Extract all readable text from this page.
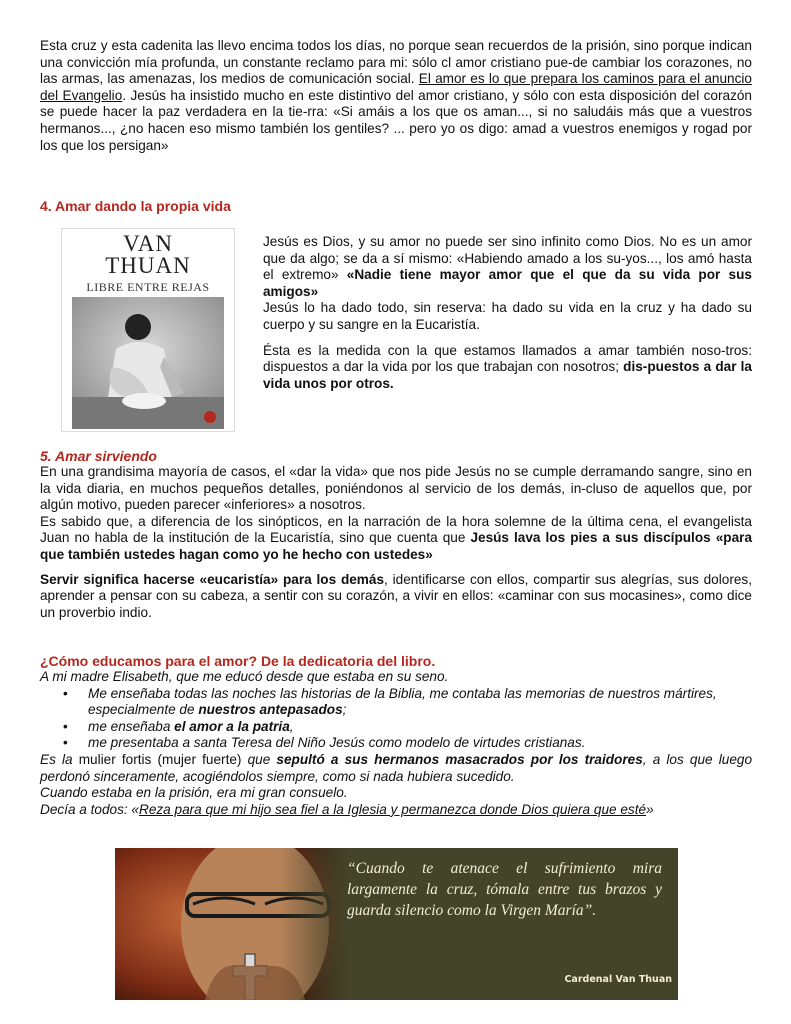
Esta cruz y esta cadenita las llevo encima todos los días, no porque sean recuerdos de la prisión, sino porque indican una convicción mía profunda, un constante reclamo para mi: sólo cl amor cristiano pue-de cambiar los corazones, no las armas, las amenazas, los medios de comunicación social. El amor es lo que prepara los caminos para el anuncio del Evangelio. Jesús ha insistido mucho en este distintivo del amor cristiano, y sólo con esta disposición del corazón se puede hacer la paz verdadera en la tie-rra: «Si amáis a los que os aman..., si no saludáis más que a vuestros hermanos..., ¿no hacen eso mismo también los gentiles? ... pero yo os digo: amad a vuestros enemigos y rogad por los que los persigan»

4. Amar dando la propia vida
VAN
THUAN
LIBRE ENTRE REJAS

Jesús es Dios, y su amor no puede ser sino infinito como Dios. No es un amor que da algo; se da a sí mismo: «Habiendo amado a los su-yos..., los amó hasta el extremo» «Nadie tiene mayor amor que el que da su vida por sus amigos»

Jesús lo ha dado todo, sin reserva: ha dado su vida en la cruz y ha dado su cuerpo y su sangre en la Eucaristía.

Ésta es la medida con la que estamos llamados a amar también noso-tros: dispuestos a dar la vida por los que trabajan con nosotros; dis-puestos a dar la vida unos por otros.

5. Amar sirviendo

En una grandisima mayoría de casos, el «dar la vida» que nos pide Jesús no se cumple derramando sangre, sino en la vida diaria, en muchos pequeños detalles, poniéndonos al servicio de los demás, in-cluso de aquellos que, por algún motivo, pueden parecer «inferiores» a nosotros.

Es sabido que, a diferencia de los sinópticos, en la narración de la hora solemne de la última cena, el evangelista Juan no habla de la institución de la Eucaristía, sino que cuenta que Jesús lava los pies a sus discípulos «para que también ustedes hagan como yo he hecho con ustedes»

Servir significa hacerse «eucaristía» para los demás, identificarse con ellos, compartir sus alegrías, sus dolores, aprender a pensar con su cabeza, a sentir con su corazón, a vivir en ellos: «caminar con sus mocasines», como dice un proverbio indio.

¿Cómo educamos para el amor? De la dedicatoria del libro.

A mi madre Elisabeth, que me educó desde que estaba en su seno.

• Me enseñaba todas las noches las historias de la Biblia, me contaba las memorias de nuestros mártires, especialmente de nuestros antepasados;
• me enseñaba el amor a la patria,
• me presentaba a santa Teresa del Niño Jesús como modelo de virtudes cristianas.

Es la mulier fortis (mujer fuerte) que sepultó a sus hermanos masacrados por los traidores, a los que luego perdonó sinceramente, acogiéndolos siempre, como si nada hubiera sucedido.

Cuando estaba en la prisión, era mi gran consuelo.

Decía a todos: «Reza para que mi hijo sea fiel a la Iglesia y permanezca donde Dios quiera que esté»

“Cuando te atenace el sufrimiento mira largamente la cruz, tómala entre tus brazos y guarda silencio como la Virgen María”.
Cardenal Van Thuan
